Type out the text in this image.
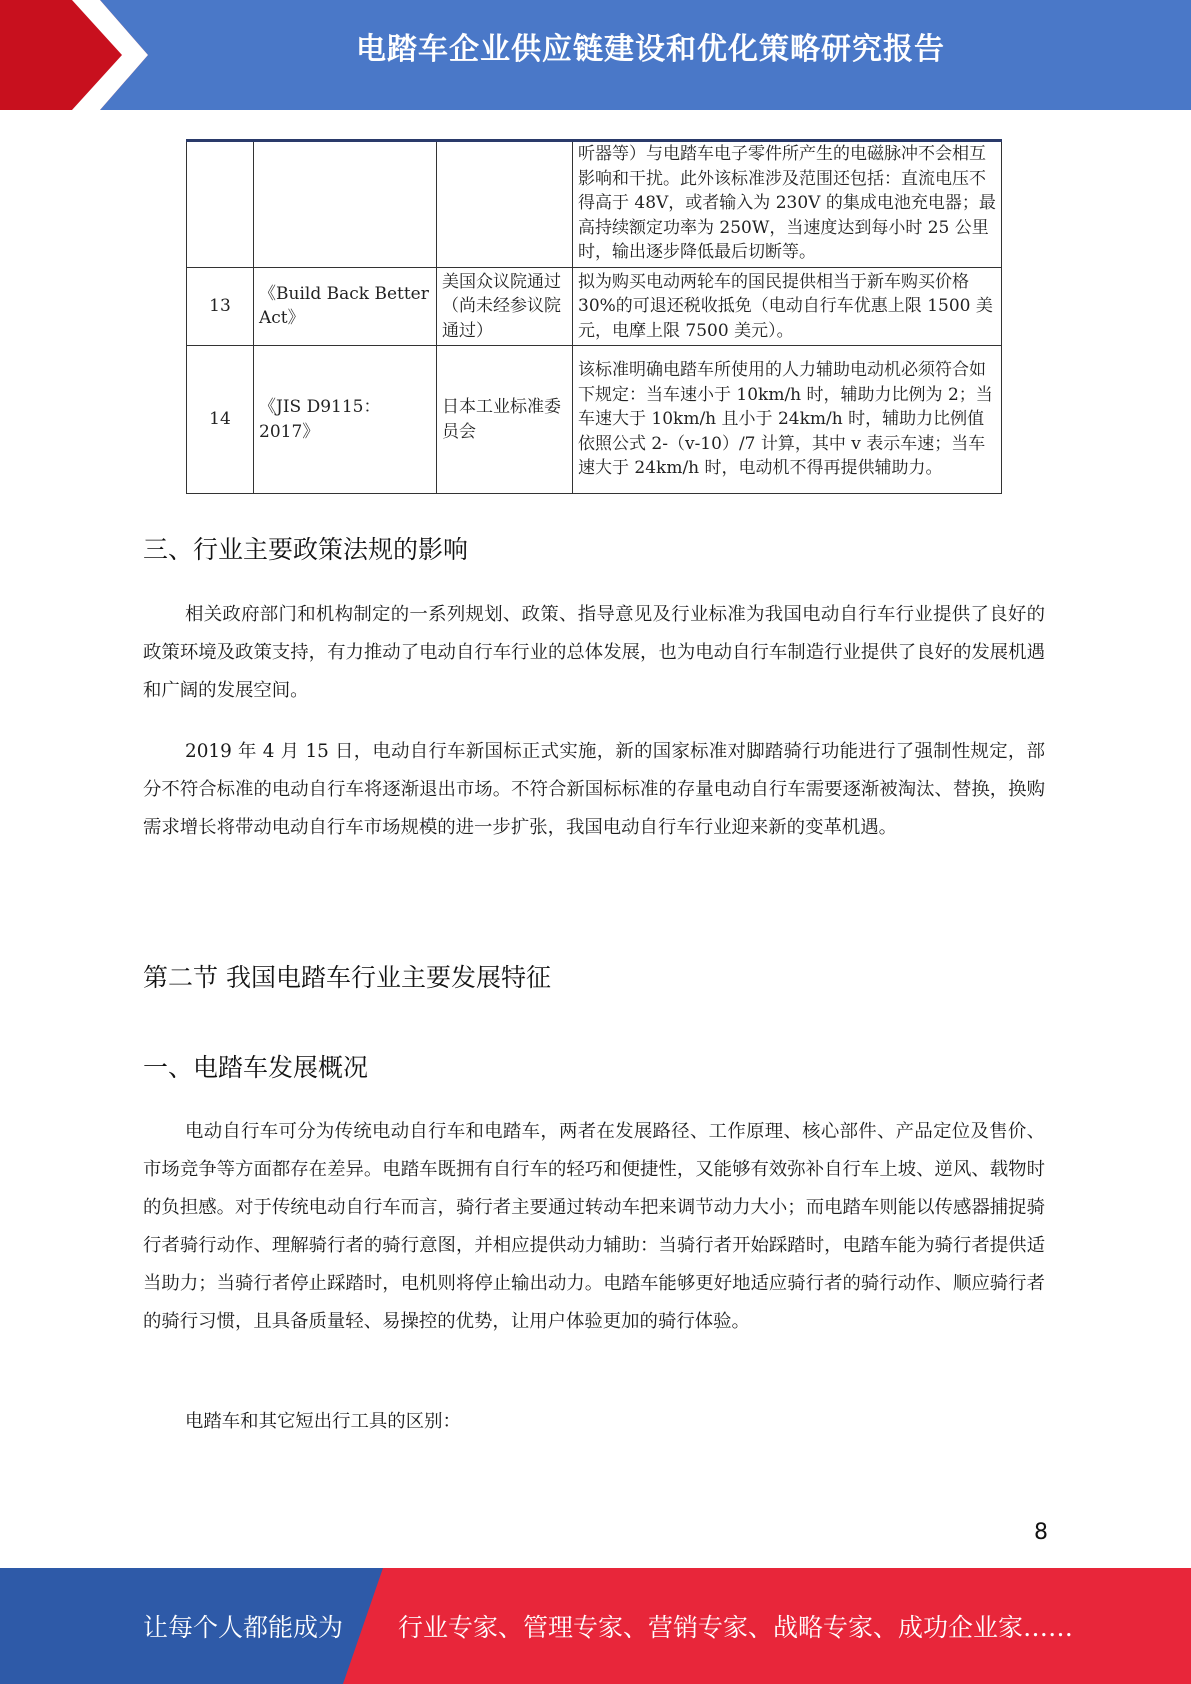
电踏车企业供应链建设和优化策略研究报告
			听器等）与电踏车电子零件所产生的电磁脉冲不会相互影响和干扰。此外该标准涉及范围还包括：直流电压不得高于 48V，或者输入为 230V 的集成电池充电器；最高持续额定功率为 250W，当速度达到每小时 25 公里时，输出逐步降低最后切断等。
13	《Build Back Better Act》	美国众议院通过（尚未经参议院通过）	拟为购买电动两轮车的国民提供相当于新车购买价格 30%的可退还税收抵免（电动自行车优惠上限 1500 美元，电摩上限 7500 美元）。
14	《JIS D9115：2017》	日本工业标准委员会	该标准明确电踏车所使用的人力辅助电动机必须符合如下规定：当车速小于 10km/h 时，辅助力比例为 2；当车速大于 10km/h 且小于 24km/h 时，辅助力比例值依照公式 2-（v-10）/7 计算，其中 v 表示车速；当车速大于 24km/h 时，电动机不得再提供辅助力。
三、行业主要政策法规的影响
相关政府部门和机构制定的一系列规划、政策、指导意见及行业标准为我国电动自行车行业提供了良好的政策环境及政策支持，有力推动了电动自行车行业的总体发展，也为电动自行车制造行业提供了良好的发展机遇和广阔的发展空间。
2019 年 4 月 15 日，电动自行车新国标正式实施，新的国家标准对脚踏骑行功能进行了强制性规定，部分不符合标准的电动自行车将逐渐退出市场。不符合新国标标准的存量电动自行车需要逐渐被淘汰、替换，换购需求增长将带动电动自行车市场规模的进一步扩张，我国电动自行车行业迎来新的变革机遇。
第二节 我国电踏车行业主要发展特征
一、电踏车发展概况
电动自行车可分为传统电动自行车和电踏车，两者在发展路径、工作原理、核心部件、产品定位及售价、市场竞争等方面都存在差异。电踏车既拥有自行车的轻巧和便捷性，又能够有效弥补自行车上坡、逆风、载物时的负担感。对于传统电动自行车而言，骑行者主要通过转动车把来调节动力大小；而电踏车则能以传感器捕捉骑行者骑行动作、理解骑行者的骑行意图，并相应提供动力辅助：当骑行者开始踩踏时，电踏车能为骑行者提供适当助力；当骑行者停止踩踏时，电机则将停止输出动力。电踏车能够更好地适应骑行者的骑行动作、顺应骑行者的骑行习惯，且具备质量轻、易操控的优势，让用户体验更加的骑行体验。
电踏车和其它短出行工具的区别：
8
让每个人都能成为 行业专家、管理专家、营销专家、战略专家、成功企业家……
